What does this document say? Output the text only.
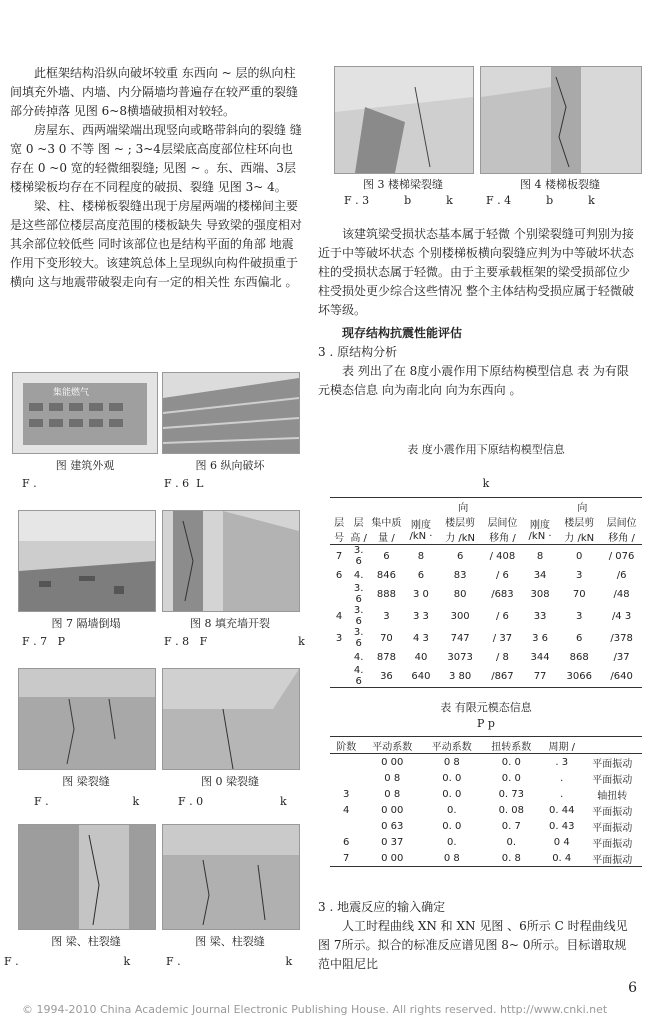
此框架结构沿纵向破坏较重 东西向 ~ 层的纵向柱间填充外墙、内墙、内分隔墙均普遍存在较严重的裂缝 部分砖掉落 见图 6~8横墙破损相对较轻。

房屋东、西两端梁端出现竖向或略带斜向的裂缝 缝宽 0 ~3 0 不等 图 ~ ; 3~4层梁底高度部位柱环向也存在 0 ~0 宽的轻微细裂缝; 见图 ~ 。东、西端、3层楼梯梁板均存在不同程度的破损、裂缝 见图 3~ 4。

梁、柱、楼梯板裂缝出现于房屋两端的楼梯间主要是这些部位楼层高度范围的楼板缺失 导致梁的强度相对其余部位较低些 同时该部位也是结构平面的角部 地震作用下变形较大。该建筑总体上呈现纵向构件破损重于横向 这与地震带破裂走向有一定的相关性 东西偏北 。

图 3 楼梯梁裂缝	图 4 楼梯板裂缝
F . 3          b          k	F . 4          b          k
集能燃气
图 建筑外观	图 6 纵向破坏
F .	F . 6  L
图 7 隔墙倒塌	图 8 填充墙开裂
F . 7   P	F . 8   F                          k
图 梁裂缝	图 0 梁裂缝
F .                        k	F . 0                      k
图 梁、柱裂缝	图 梁、柱裂缝
F .                              k	F .                              k

该建筑梁受损状态基本属于轻微 个别梁裂缝可判别为接近于中等破坏状态 个别楼梯板横向裂缝应判为中等破坏状态 柱的受损状态属于轻微。由于主要承载框架的梁受损部位少 柱受损处更少综合这些情况 整个主体结构受损应属于轻微破坏等级。

现存结构抗震性能评估

3 . 原结构分析

表 列出了在 8度小震作用下原结构模型信息 表 为有限元模态信息 向为南北向 向为东西向 。

表 度小震作用下原结构模型信息
k
			向			向		
层号	层高 /	集中质量 /	刚度 /kN ·	楼层剪力 /kN	层间位移角 /	刚度 /kN ·	楼层剪力 /kN	层间位移角 /
7	3. 6	6	8	6	/ 408	8	0	/ 076
6	4.	846	6	83	/ 6	34	3	/6
	3. 6	888	3 0	80	/683	308	70	/48
4	3. 6	3	3 3	300	/ 6	33	3	/4 3
3	3. 6	70	4 3	747	/ 37	3 6	6	/378
	4.	878	40	3073	/ 8	344	868	/37
	4. 6	36	640	3 80	/867	77	3066	/640
表 有限元模态信息
P p
阶数	平动系数	平动系数	扭转系数	周期 /	
	0 00	0 8	0. 0	. 3	平面振动
	0 8	0. 0	0. 0	.	平面振动
3	0 8	0. 0	0. 73	.	轴扭转
4	0 00	0.	0. 08	0. 44	平面振动
	0 63	0. 0	0. 7	0. 43	平面振动
6	0 37	0.	0.	0 4	平面振动
7	0 00	0 8	0. 8	0. 4	平面振动

3 . 地震反应的输入确定

人工时程曲线 XN 和 XN 见图 、6所示 C 时程曲线见图 7所示。拟合的标准反应谱见图 8~ 0所示。目标谱取规范中阻尼比

6
© 1994-2010 China Academic Journal Electronic Publishing House. All rights reserved. http://www.cnki.net
